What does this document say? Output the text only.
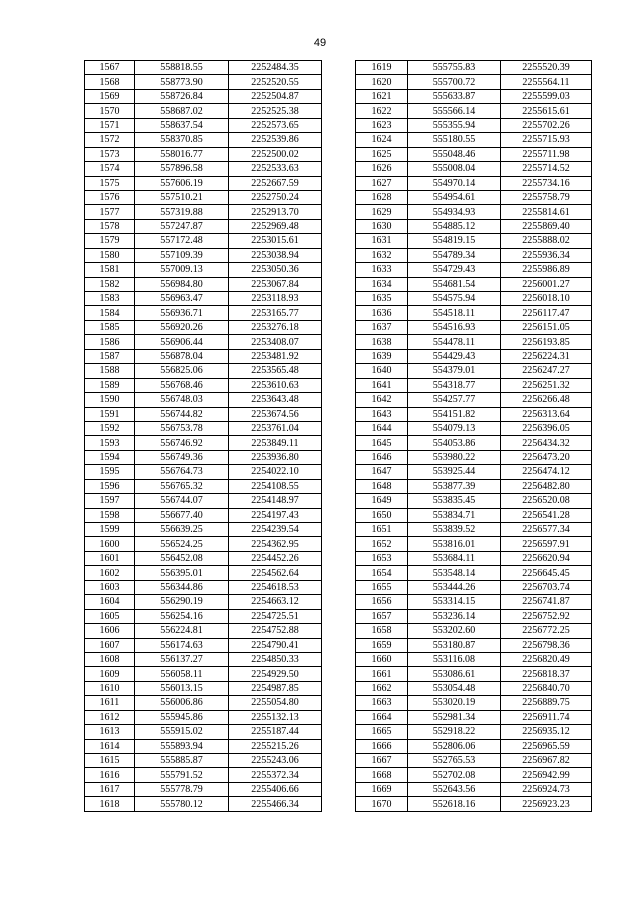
49
1567	558818.55	2252484.35
1568	558773.90	2252520.55
1569	558726.84	2252504.87
1570	558687.02	2252525.38
1571	558637.54	2252573.65
1572	558370.85	2252539.86
1573	558016.77	2252500.02
1574	557896.58	2252533.63
1575	557606.19	2252667.59
1576	557510.21	2252750.24
1577	557319.88	2252913.70
1578	557247.87	2252969.48
1579	557172.48	2253015.61
1580	557109.39	2253038.94
1581	557009.13	2253050.36
1582	556984.80	2253067.84
1583	556963.47	2253118.93
1584	556936.71	2253165.77
1585	556920.26	2253276.18
1586	556906.44	2253408.07
1587	556878.04	2253481.92
1588	556825.06	2253565.48
1589	556768.46	2253610.63
1590	556748.03	2253643.48
1591	556744.82	2253674.56
1592	556753.78	2253761.04
1593	556746.92	2253849.11
1594	556749.36	2253936.80
1595	556764.73	2254022.10
1596	556765.32	2254108.55
1597	556744.07	2254148.97
1598	556677.40	2254197.43
1599	556639.25	2254239.54
1600	556524.25	2254362.95
1601	556452.08	2254452.26
1602	556395.01	2254562.64
1603	556344.86	2254618.53
1604	556290.19	2254663.12
1605	556254.16	2254725.51
1606	556224.81	2254752.88
1607	556174.63	2254790.41
1608	556137.27	2254850.33
1609	556058.11	2254929.50
1610	556013.15	2254987.85
1611	556006.86	2255054.80
1612	555945.86	2255132.13
1613	555915.02	2255187.44
1614	555893.94	2255215.26
1615	555885.87	2255243.06
1616	555791.52	2255372.34
1617	555778.79	2255406.66
1618	555780.12	2255466.34
1619	555755.83	2255520.39
1620	555700.72	2255564.11
1621	555633.87	2255599.03
1622	555566.14	2255615.61
1623	555355.94	2255702.26
1624	555180.55	2255715.93
1625	555048.46	2255711.98
1626	555008.04	2255714.52
1627	554970.14	2255734.16
1628	554954.61	2255758.79
1629	554934.93	2255814.61
1630	554885.12	2255869.40
1631	554819.15	2255888.02
1632	554789.34	2255936.34
1633	554729.43	2255986.89
1634	554681.54	2256001.27
1635	554575.94	2256018.10
1636	554518.11	2256117.47
1637	554516.93	2256151.05
1638	554478.11	2256193.85
1639	554429.43	2256224.31
1640	554379.01	2256247.27
1641	554318.77	2256251.32
1642	554257.77	2256266.48
1643	554151.82	2256313.64
1644	554079.13	2256396.05
1645	554053.86	2256434.32
1646	553980.22	2256473.20
1647	553925.44	2256474.12
1648	553877.39	2256482.80
1649	553835.45	2256520.08
1650	553834.71	2256541.28
1651	553839.52	2256577.34
1652	553816.01	2256597.91
1653	553684.11	2256620.94
1654	553548.14	2256645.45
1655	553444.26	2256703.74
1656	553314.15	2256741.87
1657	553236.14	2256752.92
1658	553202.60	2256772.25
1659	553180.87	2256798.36
1660	553116.08	2256820.49
1661	553086.61	2256818.37
1662	553054.48	2256840.70
1663	553020.19	2256889.75
1664	552981.34	2256911.74
1665	552918.22	2256935.12
1666	552806.06	2256965.59
1667	552765.53	2256967.82
1668	552702.08	2256942.99
1669	552643.56	2256924.73
1670	552618.16	2256923.23
